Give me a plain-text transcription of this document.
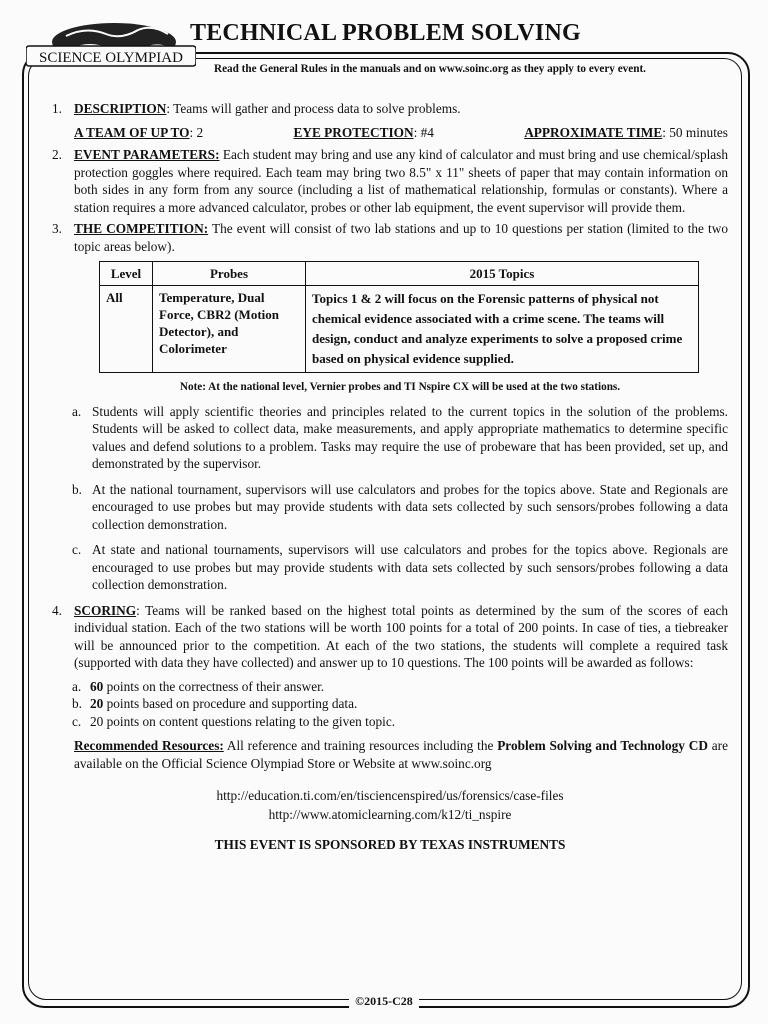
SCIENCE OLYMPIAD
TECHNICAL PROBLEM SOLVING
Read the General Rules in the manuals and on www.soinc.org as they apply to every event.
1. DESCRIPTION: Teams will gather and process data to solve problems.
A TEAM OF UP TO: 2	EYE PROTECTION: #4	APPROXIMATE TIME: 50 minutes
2. EVENT PARAMETERS: Each student may bring and use any kind of calculator and must bring and use chemical/splash protection goggles where required. Each team may bring two 8.5" x 11" sheets of paper that may contain information on both sides in any form from any source (including a list of mathematical relationship, formulas or constants). Where a station requires a more advanced calculator, probes or other lab equipment, the event supervisor will provide them.
3. THE COMPETITION: The event will consist of two lab stations and up to 10 questions per station (limited to the two topic areas below).
Level	Probes	2015 Topics
All	Temperature, Dual Force, CBR2 (Motion Detector), and Colorimeter	Topics 1 & 2 will focus on the Forensic patterns of physical not chemical evidence associated with a crime scene. The teams will design, conduct and analyze experiments to solve a proposed crime based on physical evidence supplied.
Note: At the national level, Vernier probes and TI Nspire CX will be used at the two stations.
a. Students will apply scientific theories and principles related to the current topics in the solution of the problems. Students will be asked to collect data, make measurements, and apply appropriate mathematics to determine specific values and defend solutions to a problem. Tasks may require the use of probeware that has been provided, set up, and demonstrated by the supervisor.
b. At the national tournament, supervisors will use calculators and probes for the topics above. State and Regionals are encouraged to use probes but may provide students with data sets collected by such sensors/probes following a data collection demonstration.
c. At state and national tournaments, supervisors will use calculators and probes for the topics above. Regionals are encouraged to use probes but may provide students with data sets collected by such sensors/probes following a data collection demonstration.
4. SCORING: Teams will be ranked based on the highest total points as determined by the sum of the scores of each individual station. Each of the two stations will be worth 100 points for a total of 200 points. In case of ties, a tiebreaker will be announced prior to the competition. At each of the two stations, the students will complete a required task (supported with data they have collected) and answer up to 10 questions. The 100 points will be awarded as follows:
a. 60 points on the correctness of their answer.
b. 20 points based on procedure and supporting data.
c. 20 points on content questions relating to the given topic.
Recommended Resources: All reference and training resources including the Problem Solving and Technology CD are available on the Official Science Olympiad Store or Website at www.soinc.org
http://education.ti.com/en/tisciencenspired/us/forensics/case-files
http://www.atomiclearning.com/k12/ti_nspire
THIS EVENT IS SPONSORED BY TEXAS INSTRUMENTS
©2015-C28
